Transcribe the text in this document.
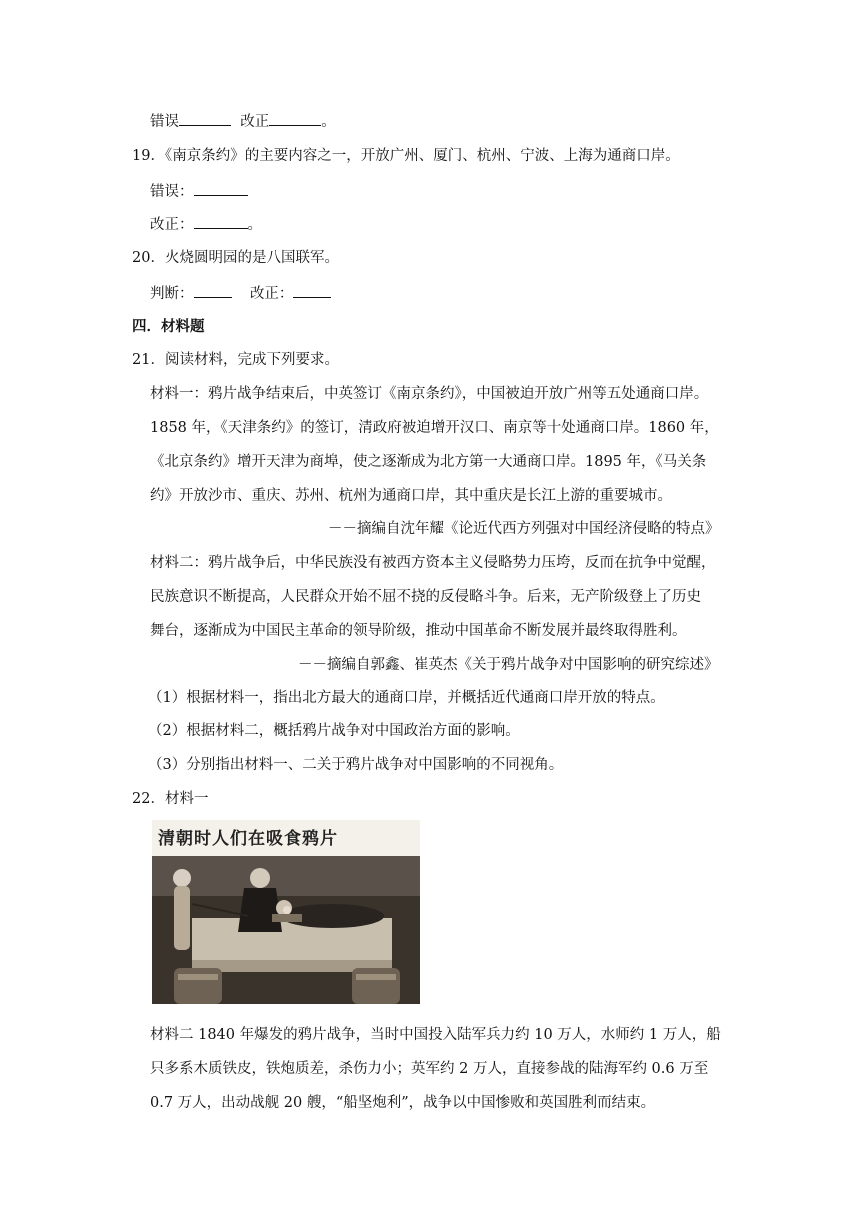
错误	改正	。
19．《南京条约》的主要内容之一，开放广州、厦门、杭州、宁波、上海为通商口岸。
错误：
改正：	。
20．火烧圆明园的是八国联军。
判断：	改正：
四．材料题
21．阅读材料，完成下列要求。
材料一：鸦片战争结束后，中英签订《南京条约》，中国被迫开放广州等五处通商口岸。
1858 年，《天津条约》的签订，清政府被迫增开汉口、南京等十处通商口岸。1860 年，
《北京条约》增开天津为商埠，使之逐渐成为北方第一大通商口岸。1895 年，《马关条
约》开放沙市、重庆、苏州、杭州为通商口岸，其中重庆是长江上游的重要城市。
－－摘编自沈年耀《论近代西方列强对中国经济侵略的特点》
材料二：鸦片战争后，中华民族没有被西方资本主义侵略势力压垮，反而在抗争中觉醒，
民族意识不断提高，人民群众开始不屈不挠的反侵略斗争。后来，无产阶级登上了历史
舞台，逐渐成为中国民主革命的领导阶级，推动中国革命不断发展并最终取得胜利。
－－摘编自郭鑫、崔英杰《关于鸦片战争对中国影响的研究综述》
（1）根据材料一，指出北方最大的通商口岸，并概括近代通商口岸开放的特点。
（2）根据材料二，概括鸦片战争对中国政治方面的影响。
（3）分别指出材料一、二关于鸦片战争对中国影响的不同视角。
22．材料一
清朝时人们在吸食鸦片
材料二 1840 年爆发的鸦片战争，当时中国投入陆军兵力约 10 万人，水师约 1 万人，船
只多系木质铁皮，铁炮质差，杀伤力小；英军约 2 万人，直接参战的陆海军约 0.6 万至
0.7 万人，出动战舰 20 艘，“船坚炮利”，战争以中国惨败和英国胜利而结束。
